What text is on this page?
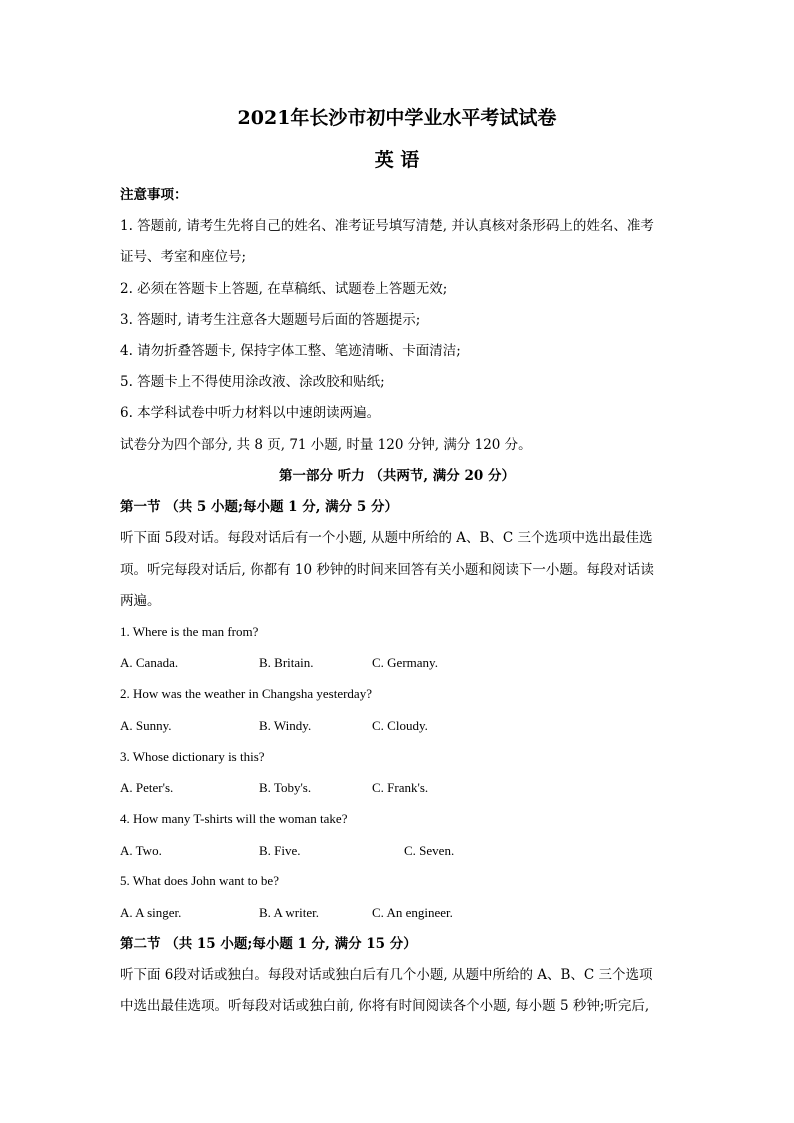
2021年长沙市初中学业水平考试试卷
英 语
注意事项：
1. 答题前, 请考生先将自己的姓名、准考证号填写清楚, 并认真核对条形码上的姓名、准考
证号、考室和座位号;
2. 必须在答题卡上答题, 在草稿纸、试题卷上答题无效;
3. 答题时, 请考生注意各大题题号后面的答题提示;
4. 请勿折叠答题卡, 保持字体工整、笔迹清晰、卡面清洁;
5. 答题卡上不得使用涂改液、涂改胶和贴纸;
6. 本学科试卷中听力材料以中速朗读两遍。
试卷分为四个部分, 共 8 页, 71 小题, 时量 120 分钟, 满分 120 分。
第一部分 听力 （共两节, 满分 20 分）
第一节 （共 5 小题;每小题 1 分, 满分 5 分）
听下面 5段对话。每段对话后有一个小题, 从题中所给的 A、B、C 三个选项中选出最佳选
项。听完每段对话后, 你都有 10 秒钟的时间来回答有关小题和阅读下一小题。每段对话读
两遍。
1. Where is the man from?
A. Canada.	B. Britain.	C. Germany.
2. How was the weather in Changsha yesterday?
A. Sunny.	B. Windy.	C. Cloudy.
3. Whose dictionary is this?
A. Peter's.	B. Toby's.	C. Frank's.
4. How many T-shirts will the woman take?
A. Two.	B. Five.	C. Seven.
5. What does John want to be?
A. A singer.	B. A writer.	C. An engineer.
第二节 （共 15 小题;每小题 1 分, 满分 15 分）
听下面 6段对话或独白。每段对话或独白后有几个小题, 从题中所给的 A、B、C 三个选项
中选出最佳选项。听每段对话或独白前, 你将有时间阅读各个小题, 每小题 5 秒钟;听完后,
